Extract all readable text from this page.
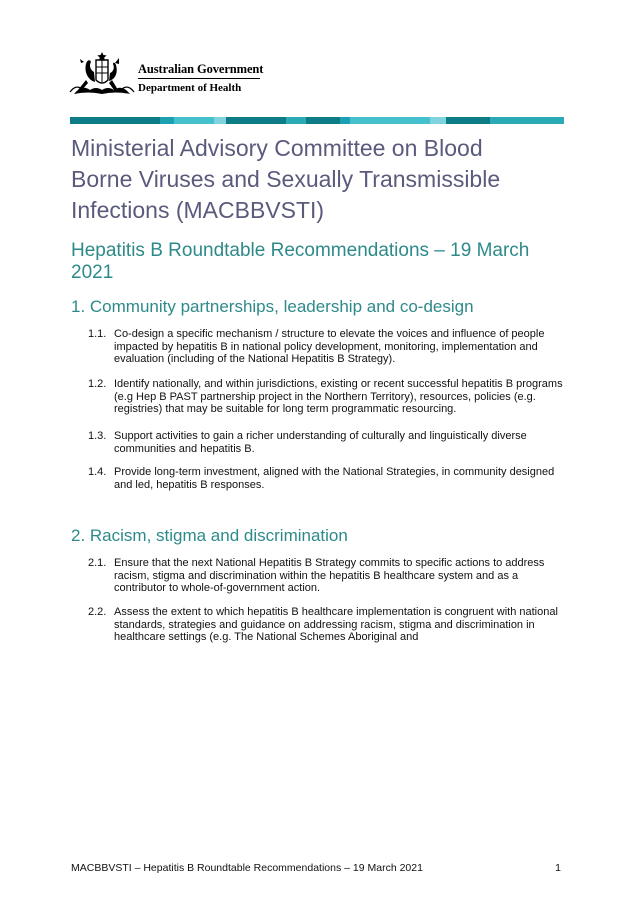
Australian Government
Department of Health
Ministerial Advisory Committee on Blood Borne Viruses and Sexually Transmissible Infections (MACBBVSTI)
Hepatitis B Roundtable Recommendations – 19 March 2021
1. Community partnerships, leadership and co-design
1.1. Co-design a specific mechanism / structure to elevate the voices and influence of people impacted by hepatitis B in national policy development, monitoring, implementation and evaluation (including of the National Hepatitis B Strategy).
1.2. Identify nationally, and within jurisdictions, existing or recent successful hepatitis B programs (e.g Hep B PAST partnership project in the Northern Territory), resources, policies (e.g. registries) that may be suitable for long term programmatic resourcing.
1.3. Support activities to gain a richer understanding of culturally and linguistically diverse communities and hepatitis B.
1.4. Provide long-term investment, aligned with the National Strategies, in community designed and led, hepatitis B responses.
2. Racism, stigma and discrimination
2.1. Ensure that the next National Hepatitis B Strategy commits to specific actions to address racism, stigma and discrimination within the hepatitis B healthcare system and as a contributor to whole-of-government action.
2.2. Assess the extent to which hepatitis B healthcare implementation is congruent with national standards, strategies and guidance on addressing racism, stigma and discrimination in healthcare settings (e.g. The National Schemes Aboriginal and
MACBBVSTI – Hepatitis B Roundtable Recommendations – 19 March 2021	1
